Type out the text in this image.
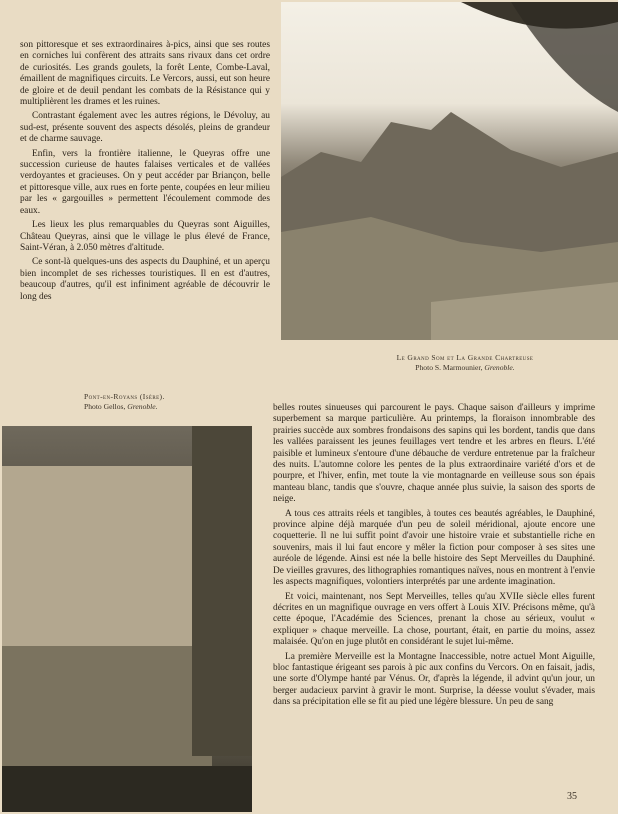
son pittoresque et ses extraordinaires à-pics, ainsi que ses routes en corniches lui confèrent des attraits sans rivaux dans cet ordre de curiosités. Les grands goulets, la forêt Lente, Combe-Laval, émaillent de magnifiques circuits. Le Vercors, aussi, eut son heure de gloire et de deuil pendant les combats de la Résistance qui y multiplièrent les drames et les ruines.

Contrastant également avec les autres régions, le Dévoluy, au sud-est, présente souvent des aspects désolés, pleins de grandeur et de charme sauvage.

Enfin, vers la frontière italienne, le Queyras offre une succession curieuse de hautes falaises verticales et de vallées verdoyantes et gracieuses. On y peut accéder par Briançon, belle et pittoresque ville, aux rues en forte pente, coupées en leur milieu par les « gargouilles » permettent l'écoulement commode des eaux.

Les lieux les plus remarquables du Queyras sont Aiguilles, Château Queyras, ainsi que le village le plus élevé de France, Saint-Véran, à 2.050 mètres d'altitude.

Ce sont-là quelques-uns des aspects du Dauphiné, et un aperçu bien incomplet de ses richesses touristiques. Il en est d'autres, beaucoup d'autres, qu'il est infiniment agréable de découvrir le long des

Le Grand Som et La Grande Chartreuse
Photo S. Marmounier, Grenoble.
Pont-en-Royans (Isère).
Photo Gellos, Grenoble.	belles routes sinueuses qui parcourent le pays. Chaque saison d'ailleurs y imprime superbement sa marque particulière. Au printemps, la floraison innombrable des prairies succède aux sombres frondaisons des sapins qui les bordent, tandis que dans les vallées paraissent les jeunes feuillages vert tendre et les arbres en fleurs. L'été paisible et lumineux s'entoure d'une débauche de verdure entretenue par la fraîcheur des nuits. L'automne colore les pentes de la plus extraordinaire variété d'ors et de pourpre, et l'hiver, enfin, met toute la vie montagnarde en veilleuse sous son épais manteau blanc, tandis que s'ouvre, chaque année plus suivie, la saison des sports de neige.

A tous ces attraits réels et tangibles, à toutes ces beautés agréables, le Dauphiné, province alpine déjà marquée d'un peu de soleil méridional, ajoute encore une coquetterie. Il ne lui suffit point d'avoir une histoire vraie et substantielle riche en souvenirs, mais il lui faut encore y mêler la fiction pour composer à ses sites une auréole de légende. Ainsi est née la belle histoire des Sept Merveilles du Dauphiné. De vieilles gravures, des lithographies romantiques naïves, nous en montrent à l'envie les aspects magnifiques, volontiers interprétés par une ardente imagination.

Et voici, maintenant, nos Sept Merveilles, telles qu'au XVIIe siècle elles furent décrites en un magnifique ouvrage en vers offert à Louis XIV. Précisons même, qu'à cette époque, l'Académie des Sciences, prenant la chose au sérieux, voulut « expliquer » chaque merveille. La chose, pourtant, était, en partie du moins, assez malaisée. Qu'on en juge plutôt en considérant le sujet lui-même.

La première Merveille est la Montagne Inaccessible, notre actuel Mont Aiguille, bloc fantastique érigeant ses parois à pic aux confins du Vercors. On en faisait, jadis, une sorte d'Olympe hanté par Vénus. Or, d'après la légende, il advint qu'un jour, un berger audacieux parvint à gravir le mont. Surprise, la déesse voulut s'évader, mais dans sa précipitation elle se fit au pied une légère blessure. Un peu de sang

35
